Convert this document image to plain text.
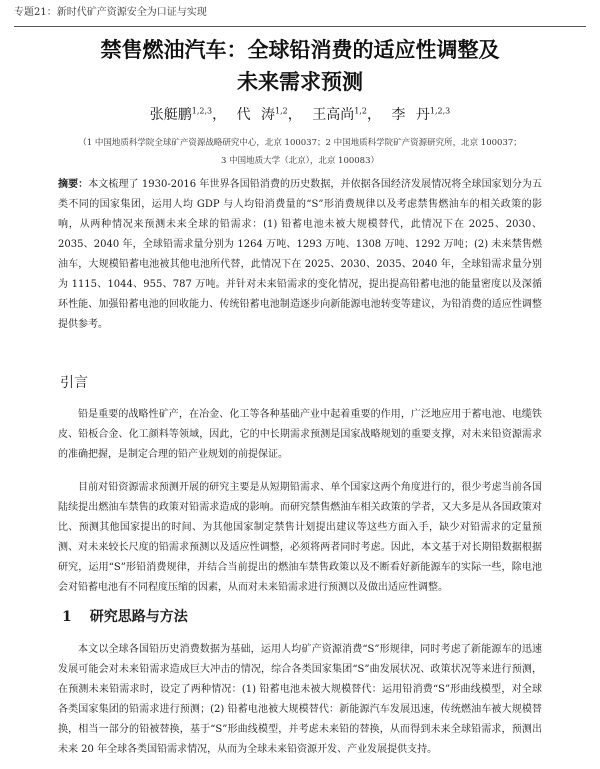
专题21：新时代矿产资源安全为口证与实现
禁售燃油汽车：全球铅消费的适应性调整及
未来需求预测
张艇鹏$^{1,2,3}$， 代 涛$^{1,2}$， 王高尚$^{1,2}$， 李 丹$^{1,2,3}$
（1 中国地质科学院全球矿产资源战略研究中心，北京 100037；2 中国地质科学院矿产资源研究所，北京 100037；
3 中国地质大学（北京），北京 100083）
摘要：本文梳理了 1930-2016 年世界各国铅消费的历史数据，并依据各国经济发展情况将全球国家划分为五类不同的国家集团，运用人均 GDP 与人均铅消费量的“S”形消费规律以及考虑禁售燃油车的相关政策的影响，从两种情况来预测未来全球的铅需求：(1) 铅蓄电池未被大规模替代，此情况下在 2025、2030、2035、2040 年，全球铅需求量分别为 1264 万吨、1293 万吨、1308 万吨、1292 万吨；(2) 未来禁售燃油车，大规模铅蓄电池被其他电池所代替，此情况下在 2025、2030、2035、2040 年，全球铅需求量分别为 1115、1044、955、787 万吨。并针对未来铅需求的变化情况，提出提高铅蓄电池的能量密度以及深循环性能、加强铅蓄电池的回收能力、传统铅蓄电池制造逐步向新能源电池转变等建议，为铅消费的适应性调整提供参考。
引言
铅是重要的战略性矿产，在冶金、化工等各种基础产业中起着重要的作用，广泛地应用于蓄电池、电缆铁皮、铅板合金、化工颜料等领域，因此，它的中长期需求预测是国家战略规划的重要支撑，对未来铅资源需求的准确把握，是制定合理的铅产业规划的前提保证。
目前对铅资源需求预测开展的研究主要是从短期铅需求、单个国家这两个角度进行的，很少考虑当前各国陆续提出燃油车禁售的政策对铅需求造成的影响。而研究禁售燃油车相关政策的学者，又大多是从各国政策对比、预测其他国家提出的时间、为其他国家制定禁售计划提出建议等这些方面入手，缺少对铅需求的定量预测、对未来较长尺度的铅需求预测以及适应性调整，必须将两者同时考虑。因此，本文基于对长期铅数据根据研究，运用“S”形铅消费规律，并结合当前提出的燃油车禁售政策以及不断看好新能源车的实际一些，除电池会对铅蓄电池有不同程度压缩的因素，从而对未来铅需求进行预测以及做出适应性调整。
1 研究思路与方法
本文以全球各国铅历史消费数据为基础，运用人均矿产资源消费“S”形规律，同时考虑了新能源车的迅速发展可能会对未来铅需求造成巨大冲击的情况，综合各类国家集团“S”曲发展状况、政策状况等来进行预测，在预测未来铅需求时，设定了两种情况：(1) 铅蓄电池未被大规模替代：运用铅消费“S”形曲线模型，对全球各类国家集团的铅需求进行预测；(2) 铅蓄电池被大规模替代：新能源汽车发展迅速，传统燃油车被大规模替换，相当一部分的铅被替换，基于“S”形曲线模型，并考虑未来铅的替换，从而得到未来全球铅需求，预测出未来 20 年全球各类国铅需求情况，从而为全球未来铅资源开发、产业发展提供支持。
